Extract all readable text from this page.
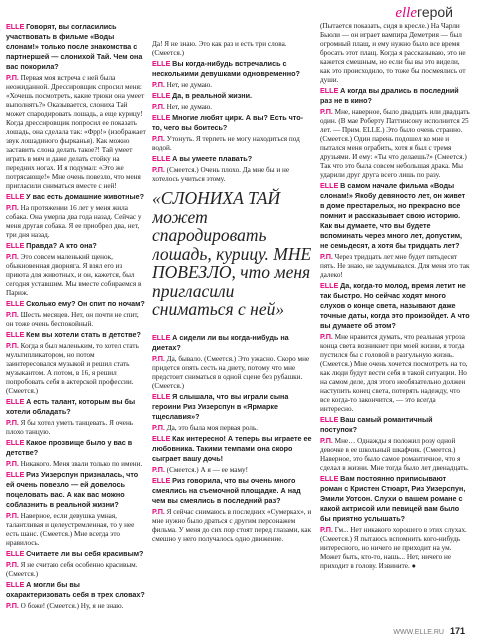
elleгерой

ELLE Говорят, вы согласились участвовать в фильме «Воды слонам!» только после знакомства с партнершей — слонихой Тай. Чем она вас покорила?

Р.П. Первая моя встреча с ней была неожиданной. Дрессировщик спросил меня: «Хочешь посмотреть, какие трюки она умеет выполнять?» Оказывается, слониха Тай может спародировать лошадь, а еще курицу! Когда дрессировщик попросил ее показать лошадь, она сделала так: «Фрр!» (изображает звук лошадиного фырканья). Как можно заставить слона делать такое?! Тай умеет играть в мяч и даже делать стойку на передних ногах. И я подумал: «Это же потрясающе!» Мне очень повезло, что меня пригласили сниматься вместе с ней!

ELLE У вас есть домашние животные?

Р.П. На протяжении 16 лет у меня жила собака. Она умерла два года назад. Сейчас у меня другая собака. Я ее приобрел два, нет, три дня назад.

ELLE Правда? А кто она?

Р.П. Это совсем маленький щенок, обыкновенная дворняга. Я взял его из приюта для животных, и он, кажется, был сегодня уставшим. Мы вместе собираемся в Париж.

ELLE Сколько ему? Он спит по ночам?

Р.П. Шесть месяцев. Нет, он почти не спит, он тоже очень беспокойный.

ELLE Кем вы хотели стать в детстве?

Р.П. Когда я был маленьким, то хотел стать мультипликатором, но потом заинтересовался музыкой и решил стать музыкантом. А потом, в 16, я решил попробовать себя в актерской профессии. (Смеется.)

ELLE А есть талант, которым вы бы хотели обладать?

Р.П. Я бы хотел уметь танцевать. Я очень плохо танцую.

ELLE Какое прозвище было у вас в детстве?

Р.П. Никакого. Меня звали только по имени.

ELLE Риз Уизерспун призналась, что ей очень повезло — ей довелось поцеловать вас. А как вас можно соблазнить в реальной жизни?

Р.П. Наверное, если девушка умная, талантливая и целеустремленная, то у нее есть шанс. (Смеется.) Мне всегда это нравилось.

ELLE Считаете ли вы себя красивым?

Р.П. Я не считаю себя особенно красивым. (Смеется.)

ELLE А могли бы вы охарактеризовать себя в трех словах?

Р.П. О боже! (Смеется.) Ну, я не знаю.

Да! Я не знаю. Это как раз и есть три слова. (Смеется.)

ELLE Вы когда-нибудь встречались с несколькими девушками одновременно?

Р.П. Нет, не думаю.

ELLE Да, в реальной жизни.

Р.П. Нет, не думаю.

ELLE Многие любят цирк. А вы? Есть что-то, чего вы боитесь?

Р.П. Утонуть. Я терпеть не могу находиться под водой.

ELLE А вы умеете плавать?

Р.П. (Смеется.) Очень плохо. Да мне бы и не хотелось учиться этому.

«СЛОНИХА ТАЙ может спародировать лошадь, курицу. МНЕ ПОВЕЗЛО, что меня пригласили сниматься с ней»

ELLE А сидели ли вы когда-нибудь на диетах?

Р.П. Да, бывало. (Смеется.) Это ужасно. Скоро мне придется опять сесть на диету, потому что мне предстоит сниматься в одной сцене без рубашки. (Смеется.)

ELLE Я слышала, что вы играли сына героини Риз Уизерспун в «Ярмарке тщеславия»?

Р.П. Да, это была моя первая роль.

ELLE Как интересно! А теперь вы играете ее любовника. Такими темпами она скоро сыграет вашу дочь!

Р.П. (Смеется.) А я — ее маму!

ELLE Риз говорила, что вы очень много смеялись на съемочной площадке. А над чем вы смеялись в последний раз?

Р.П. Я сейчас снимаюсь в последних «Сумерках», и мне нужно было драться с другим персонажем фильма. У меня до сих пор стоят перед глазами, как смешно у него получалось одно движение.

(Пытается показать, сидя в кресле.) На Чарли Бьюли — он играет вампира Деметрия — был огромный плащ, и ему нужно было все время бросать этот плащ. Когда я рассказываю, это не кажется смешным, но если бы вы это видели, как это происходило, то тоже бы посмеялись от души.

ELLE А когда вы дрались в последний раз не в кино?

Р.П. Мне, наверное, было двадцать или двадцать один. (В мае Роберту Паттинсону исполнится 25 лет. — Прим. ELLE.) Это было очень странно. (Смеется.) Один парень подошел ко мне и пытался меня ограбить, хотя я был с тремя друзьями. И ему: «Ты что делаешь?» (Смеется.) Так что это была совсем небольшая драка. Мы ударили друг друга всего лишь по разу.

ELLE В самом начале фильма «Воды слонам!» Якобу девяносто лет, он живет в доме престарелых, но прекрасно все помнит и рассказывает свою историю. Как вы думаете, что вы будете вспоминать через много лет, допустим, не семьдесят, а хотя бы тридцать лет?

Р.П. Через тридцать лет мне будет пятьдесят пять. Не знаю, не задумывался. Для меня это так далеко!

ELLE Да, когда-то молод, время летит не так быстро. Но сейчас ходят много слухов о конце света, называют даже точные даты, когда это произойдет. А что вы думаете об этом?

Р.П. Мне нравится думать, что реальная угроза конца света возникнет при моей жизни, я тогда пустился бы с головой в разгульную жизнь. (Смеется.) Мне очень хочется посмотреть на то, как люди будут вести себя в такой ситуации. Но на самом деле, для этого необязательно должен наступить конец света, потерять надежду, что все когда-то закончится, — это всегда интересно.

ELLE Ваш самый романтичный поступок?

Р.П. Мне… Однажды я положил розу одной девочке в ее школьный шкафчик. (Смеется.) Наверное, это было самое романтичное, что я сделал в жизни. Мне тогда было лет двенадцать.

ELLE Вам постоянно приписывают роман с Кристен Стюарт, Риз Уизерспун, Эмили Уотсон. Слухи о вашем романе с какой актрисой или певицей вам было бы приятно услышать?

Р.П. Гм... Нет никакого хорошего в этих слухах. (Смеется.) Я пытаюсь вспомнить кого-нибудь интересного, но ничего не приходит на ум. Может быть, кто-то, нашь... Нет, ничего не приходит в голову. Извините. ●

WWW.ELLE.RU 171
